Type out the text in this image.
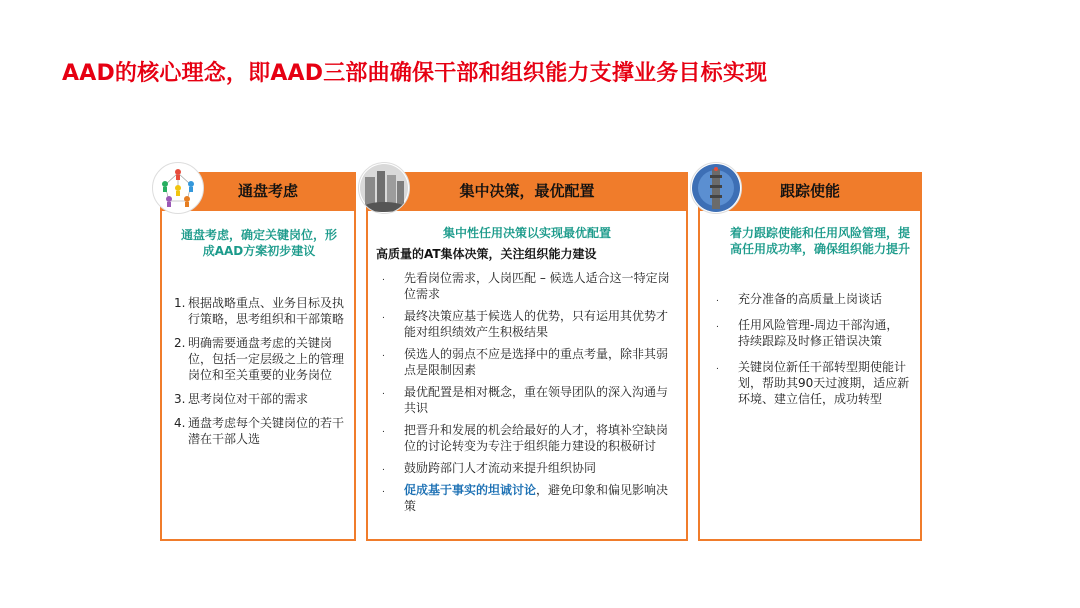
AAD的核心理念，即AAD三部曲确保干部和组织能力支撑业务目标实现
通盘考虑
通盘考虑，确定关键岗位，形成AAD方案初步建议
1. 根据战略重点、业务目标及执行策略，思考组织和干部策略
2. 明确需要通盘考虑的关键岗位，包括一定层级之上的管理岗位和至关重要的业务岗位
3. 思考岗位对干部的需求
4. 通盘考虑每个关键岗位的若干潜在干部人选
集中决策，最优配置
集中性任用决策以实现最优配置
高质量的AT集体决策，关注组织能力建设
.	先看岗位需求，人岗匹配 – 候选人适合这一特定岗位需求
.	最终决策应基于候选人的优势，只有运用其优势才能对组织绩效产生积极结果
.	侯选人的弱点不应是选择中的重点考量，除非其弱点是限制因素
.	最优配置是相对概念，重在领导团队的深入沟通与共识
.	把晋升和发展的机会给最好的人才，将填补空缺岗位的讨论转变为专注于组织能力建设的积极研讨
.	鼓励跨部门人才流动来提升组织协同
.	促成基于事实的坦诚讨论，避免印象和偏见影响决策
跟踪使能
着力跟踪使能和任用风险管理，提高任用成功率，确保组织能力提升
.	充分准备的高质量上岗谈话
.	任用风险管理-周边干部沟通，持续跟踪及时修正错误决策
.	关键岗位新任干部转型期使能计划，帮助其90天过渡期，适应新环境、建立信任，成功转型
